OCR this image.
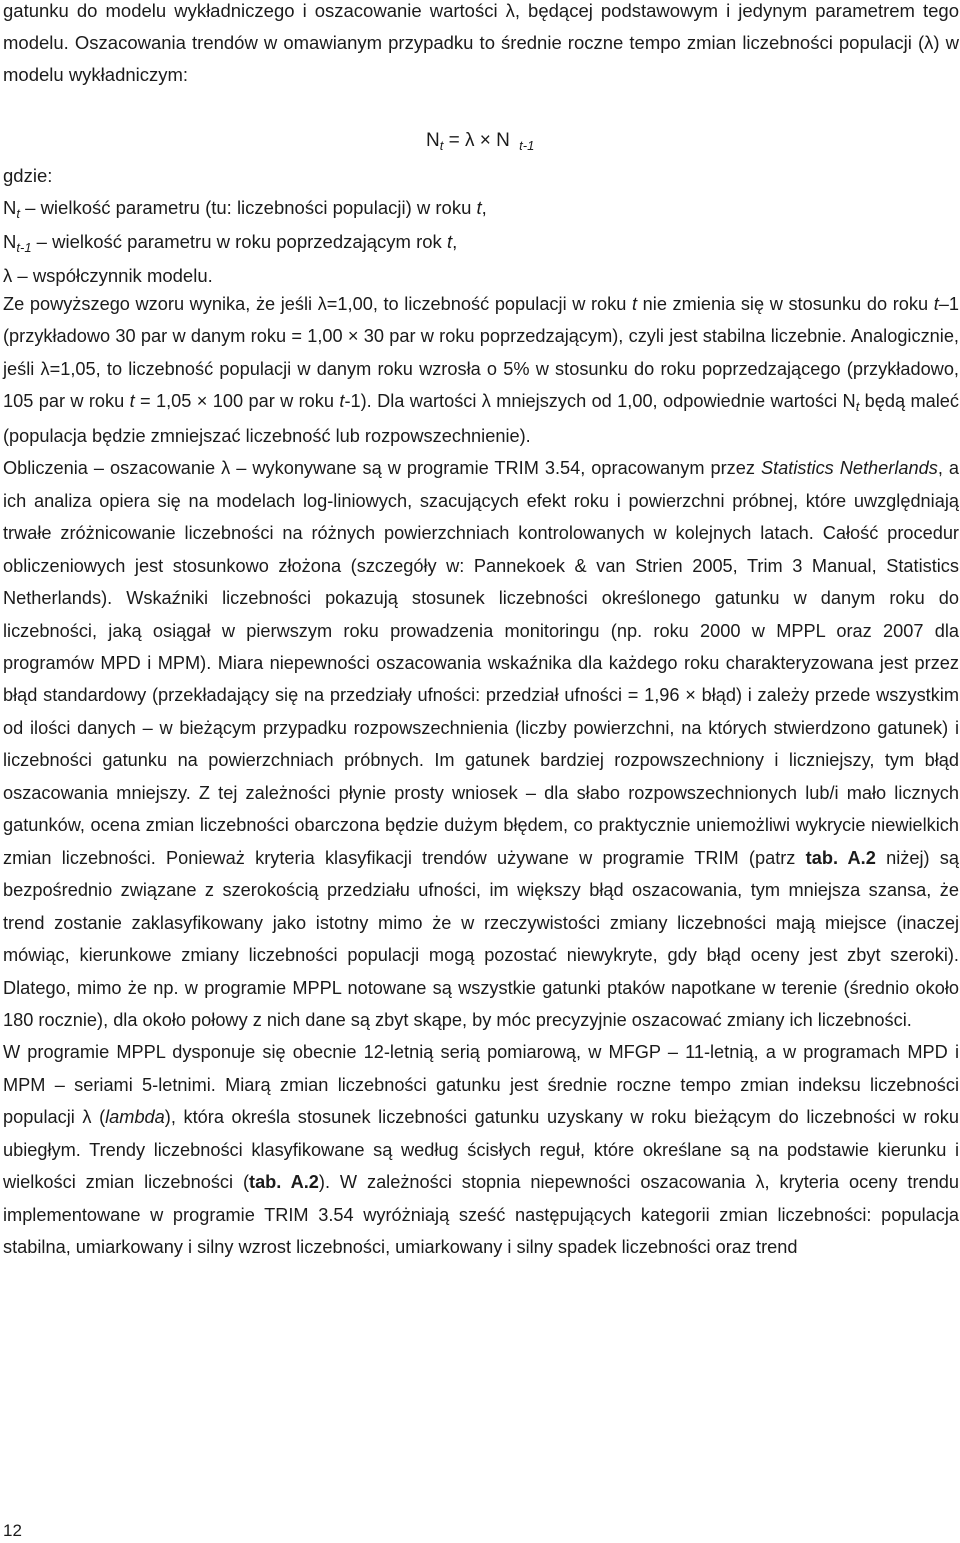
gatunku do modelu wykładniczego i oszacowanie wartości λ, będącej podstawowym i jedynym parametrem tego modelu. Oszacowania trendów w omawianym przypadku to średnie roczne tempo zmian liczebności populacji (λ) w modelu wykładniczym:
$N_t = \lambda \times N$ $_{t-1}$
gdzie:
$N_t$ – wielkość parametru (tu: liczebności populacji) w roku t,
$N_{t-1}$ – wielkość parametru w roku poprzedzającym rok t,
λ – współczynnik modelu.

Ze powyższego wzoru wynika, że jeśli λ=1,00, to liczebność populacji w roku t nie zmienia się w stosunku do roku t–1 (przykładowo 30 par w danym roku = 1,00 × 30 par w roku poprzedzającym), czyli jest stabilna liczebnie. Analogicznie, jeśli λ=1,05, to liczebność populacji w danym roku wzrosła o 5% w stosunku do roku poprzedzającego (przykładowo, 105 par w roku t = 1,05 × 100 par w roku t-1). Dla wartości λ mniejszych od 1,00, odpowiednie wartości $N_t$ będą maleć (populacja będzie zmniejszać liczebność lub rozpowszechnienie).

Obliczenia – oszacowanie λ – wykonywane są w programie TRIM 3.54, opracowanym przez Statistics Netherlands, a ich analiza opiera się na modelach log-liniowych, szacujących efekt roku i powierzchni próbnej, które uwzględniają trwałe zróżnicowanie liczebności na różnych powierzchniach kontrolowanych w kolejnych latach. Całość procedur obliczeniowych jest stosunkowo złożona (szczegóły w: Pannekoek & van Strien 2005, Trim 3 Manual, Statistics Netherlands). Wskaźniki liczebności pokazują stosunek liczebności określonego gatunku w danym roku do liczebności, jaką osiągał w pierwszym roku prowadzenia monitoringu (np. roku 2000 w MPPL oraz 2007 dla programów MPD i MPM). Miara niepewności oszacowania wskaźnika dla każdego roku charakteryzowana jest przez błąd standardowy (przekładający się na przedziały ufności: przedział ufności = 1,96 × błąd) i zależy przede wszystkim od ilości danych – w bieżącym przypadku rozpowszechnienia (liczby powierzchni, na których stwierdzono gatunek) i liczebności gatunku na powierzchniach próbnych. Im gatunek bardziej rozpowszechniony i liczniejszy, tym błąd oszacowania mniejszy. Z tej zależności płynie prosty wniosek – dla słabo rozpowszechnionych lub/i mało licznych gatunków, ocena zmian liczebności obarczona będzie dużym błędem, co praktycznie uniemożliwi wykrycie niewielkich zmian liczebności. Ponieważ kryteria klasyfikacji trendów używane w programie TRIM (patrz tab. A.2 niżej) są bezpośrednio związane z szerokością przedziału ufności, im większy błąd oszacowania, tym mniejsza szansa, że trend zostanie zaklasyfikowany jako istotny mimo że w rzeczywistości zmiany liczebności mają miejsce (inaczej mówiąc, kierunkowe zmiany liczebności populacji mogą pozostać niewykryte, gdy błąd oceny jest zbyt szeroki). Dlatego, mimo że np. w programie MPPL notowane są wszystkie gatunki ptaków napotkane w terenie (średnio około 180 rocznie), dla około połowy z nich dane są zbyt skąpe, by móc precyzyjnie oszacować zmiany ich liczebności.

W programie MPPL dysponuje się obecnie 12-letnią serią pomiarową, w MFGP – 11-letnią, a w programach MPD i MPM – seriami 5-letnimi. Miarą zmian liczebności gatunku jest średnie roczne tempo zmian indeksu liczebności populacji λ (lambda), która określa stosunek liczebności gatunku uzyskany w roku bieżącym do liczebności w roku ubiegłym. Trendy liczebności klasyfikowane są według ścisłych reguł, które określane są na podstawie kierunku i wielkości zmian liczebności (tab. A.2). W zależności stopnia niepewności oszacowania λ, kryteria oceny trendu implementowane w programie TRIM 3.54 wyróżniają sześć następujących kategorii zmian liczebności: populacja stabilna, umiarkowany i silny wzrost liczebności, umiarkowany i silny spadek liczebności oraz trend

12
